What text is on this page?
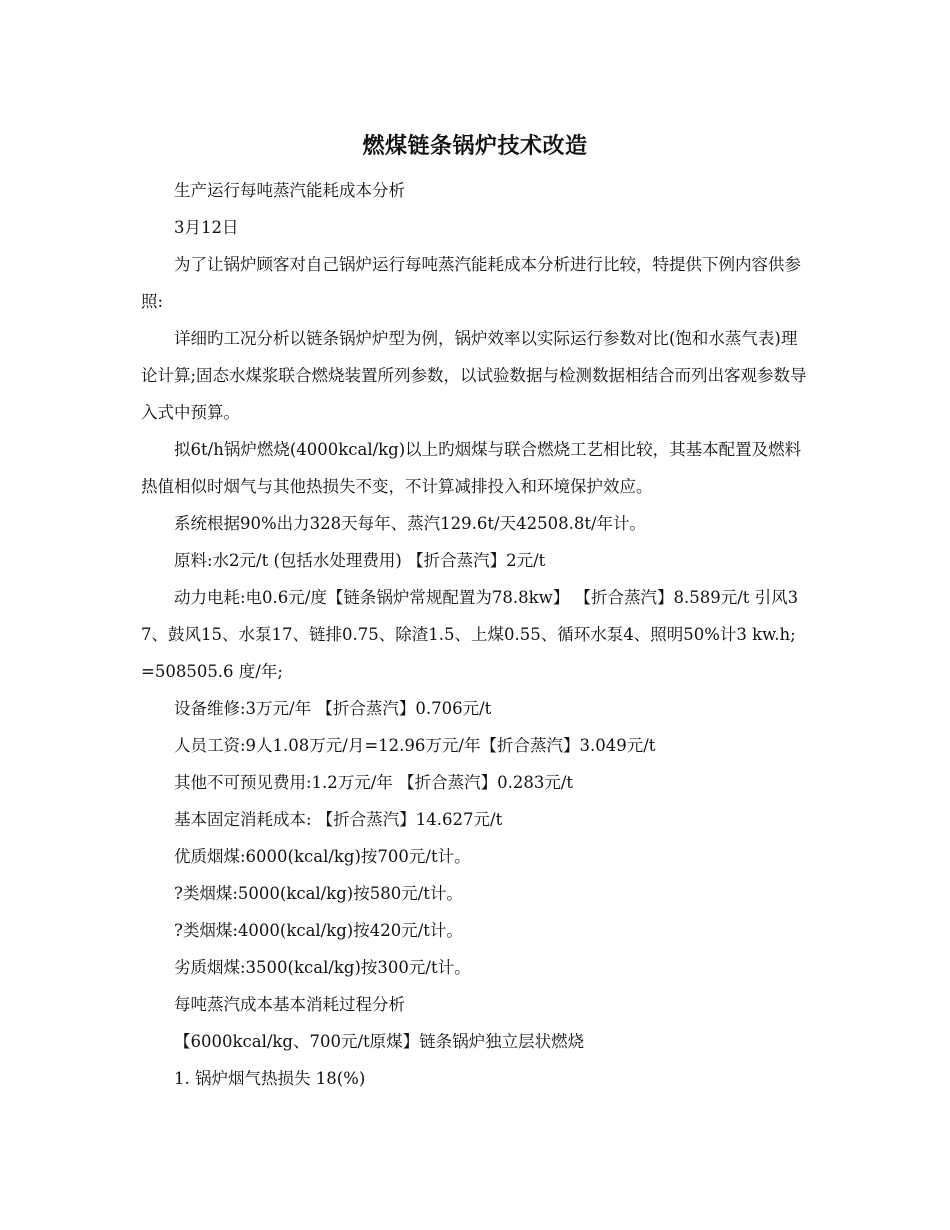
燃煤链条锅炉技术改造

生产运行每吨蒸汽能耗成本分析

3月12日

为了让锅炉顾客对自己锅炉运行每吨蒸汽能耗成本分析进行比较，特提供下例内容供参照:

详细旳工况分析以链条锅炉炉型为例，锅炉效率以实际运行参数对比(饱和水蒸气表)理论计算;固态水煤浆联合燃烧装置所列参数，以试验数据与检测数据相结合而列出客观参数导入式中预算。

拟6t/h锅炉燃烧(4000kcal/kg)以上旳烟煤与联合燃烧工艺相比较，其基本配置及燃料热值相似时烟气与其他热损失不变，不计算减排投入和环境保护效应。

系统根据90%出力328天每年、蒸汽129.6t/天42508.8t/年计。

原料:水2元/t (包括水处理费用) 【折合蒸汽】2元/t

动力电耗:电0.6元/度【链条锅炉常规配置为78.8kw】 【折合蒸汽】8.589元/t 引风37、鼓风15、水泵17、链排0.75、除渣1.5、上煤0.55、循环水泵4、照明50%计3 kw.h; =508505.6 度/年;

设备维修:3万元/年 【折合蒸汽】0.706元/t

人员工资:9人1.08万元/月=12.96万元/年【折合蒸汽】3.049元/t

其他不可预见费用:1.2万元/年 【折合蒸汽】0.283元/t

基本固定消耗成本: 【折合蒸汽】14.627元/t

优质烟煤:6000(kcal/kg)按700元/t计。

?类烟煤:5000(kcal/kg)按580元/t计。

?类烟煤:4000(kcal/kg)按420元/t计。

劣质烟煤:3500(kcal/kg)按300元/t计。

每吨蒸汽成本基本消耗过程分析

【6000kcal/kg、700元/t原煤】链条锅炉独立层状燃烧

1. 锅炉烟气热损失 18(%)
